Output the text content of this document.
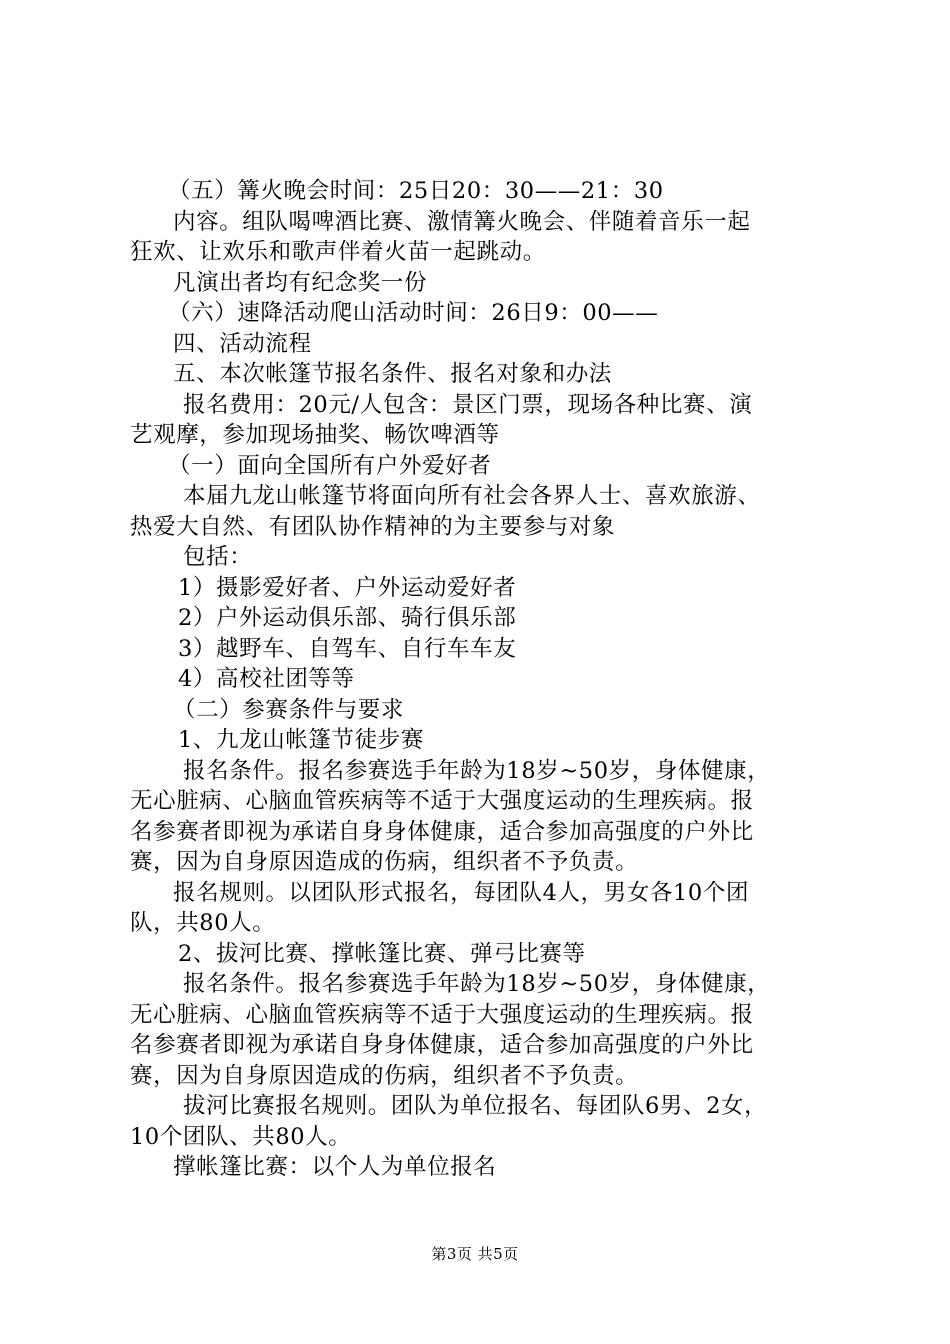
（五）篝火晚会时间：25日20：30——21：30
内容。组队喝啤酒比赛、激情篝火晚会、伴随着音乐一起
狂欢、让欢乐和歌声伴着火苗一起跳动。
凡演出者均有纪念奖一份
（六）速降活动爬山活动时间：26日9：00——
四、活动流程
五、本次帐篷节报名条件、报名对象和办法
报名费用：20元/人包含：景区门票，现场各种比赛、演
艺观摩，参加现场抽奖、畅饮啤酒等
（一）面向全国所有户外爱好者
本届九龙山帐篷节将面向所有社会各界人士、喜欢旅游、
热爱大自然、有团队协作精神的为主要参与对象
包括：
1）摄影爱好者、户外运动爱好者
2）户外运动俱乐部、骑行俱乐部
3）越野车、自驾车、自行车车友
4）高校社团等等
（二）参赛条件与要求
1、九龙山帐篷节徒步赛
报名条件。报名参赛选手年龄为18岁~50岁，身体健康，
无心脏病、心脑血管疾病等不适于大强度运动的生理疾病。报
名参赛者即视为承诺自身身体健康，适合参加高强度的户外比
赛，因为自身原因造成的伤病，组织者不予负责。
报名规则。以团队形式报名，每团队4人，男女各10个团
队，共80人。
2、拔河比赛、撑帐篷比赛、弹弓比赛等
报名条件。报名参赛选手年龄为18岁~50岁，身体健康，
无心脏病、心脑血管疾病等不适于大强度运动的生理疾病。报
名参赛者即视为承诺自身身体健康，适合参加高强度的户外比
赛，因为自身原因造成的伤病，组织者不予负责。
拔河比赛报名规则。团队为单位报名、每团队6男、2女，
10个团队、共80人。
撑帐篷比赛：以个人为单位报名
第3页 共5页
